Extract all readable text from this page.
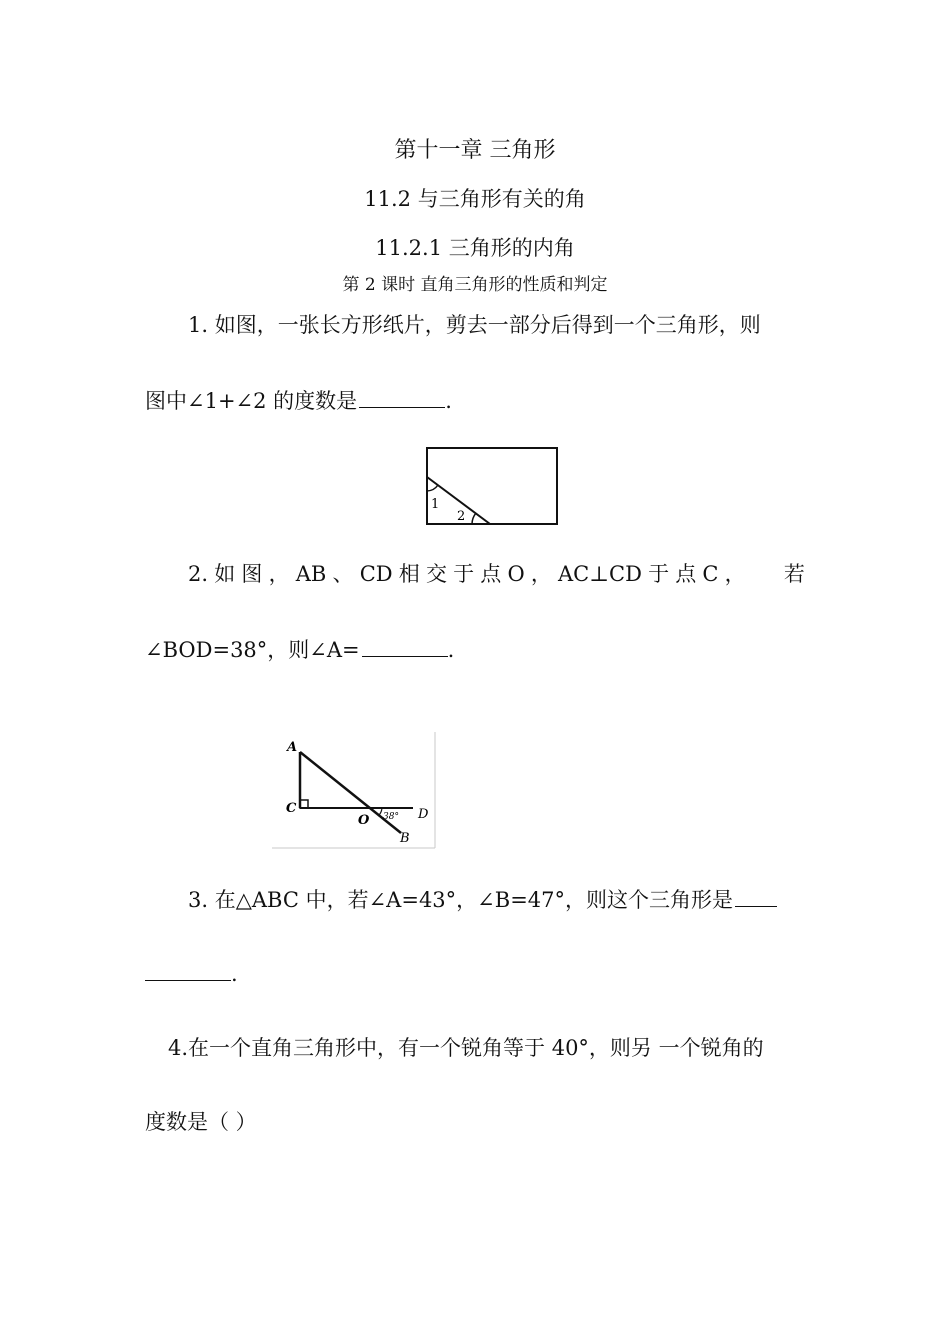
第十一章 三角形
11.2 与三角形有关的角
11.2.1 三角形的内角
第 2 课时 直角三角形的性质和判定
1. 如图，一张长方形纸片，剪去一部分后得到一个三角形，则
图中∠1+∠2 的度数是	.
1
2
2. 如 图 ， AB 、 CD 相 交 于 点 O ， AC⊥CD 于 点 C ， 若
∠BOD=38°，则∠A=	.
A
C
O	D
B
38°
3. 在△ABC 中，若∠A=43°，∠B=47°，则这个三角形是
.
4.在一个直角三角形中，有一个锐角等于 40°，则另 一个锐角的
度数是（ ）
